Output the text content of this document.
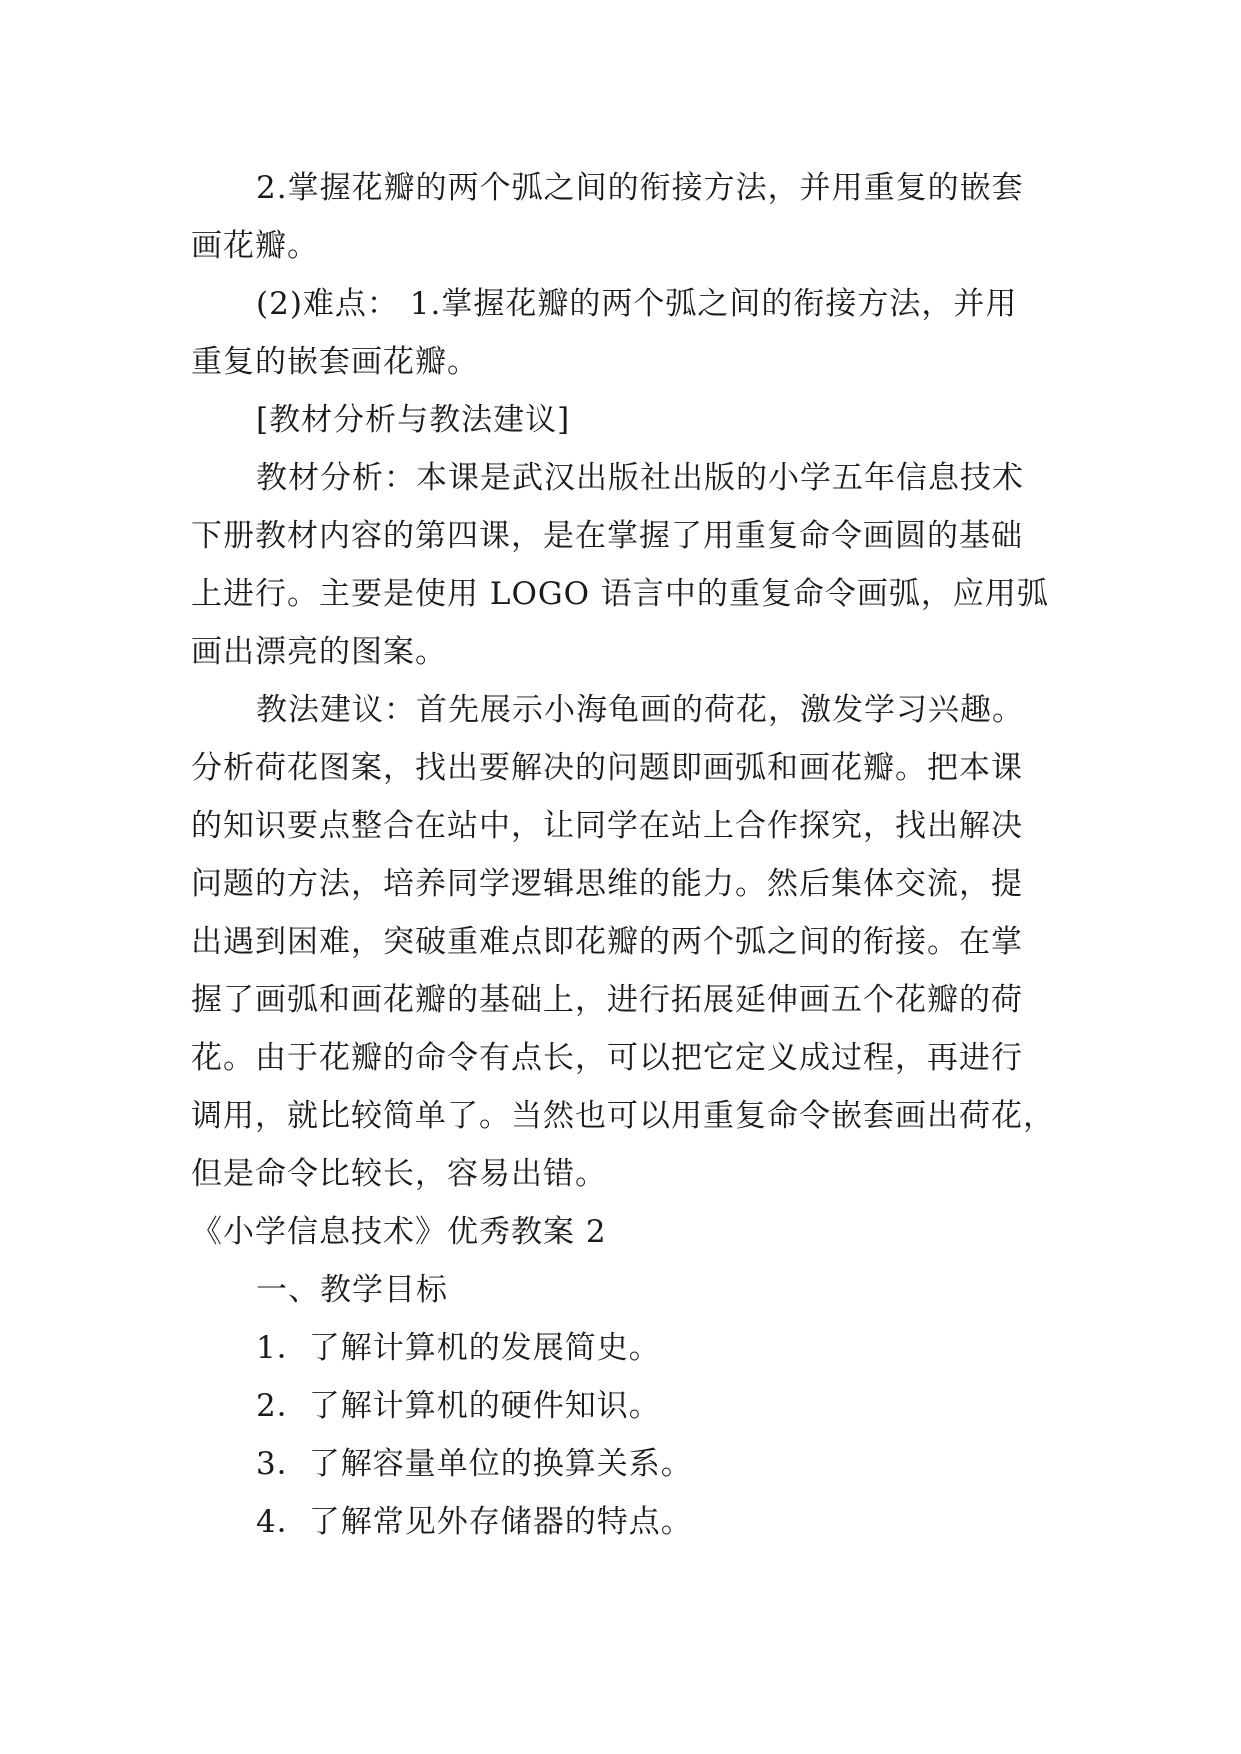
2.掌握花瓣的两个弧之间的衔接方法，并用重复的嵌套
画花瓣。
(2)难点： 1.掌握花瓣的两个弧之间的衔接方法，并用
重复的嵌套画花瓣。
[教材分析与教法建议]
教材分析：本课是武汉出版社出版的小学五年信息技术
下册教材内容的第四课，是在掌握了用重复命令画圆的基础
上进行。主要是使用 LOGO 语言中的重复命令画弧，应用弧
画出漂亮的图案。
教法建议：首先展示小海龟画的荷花，激发学习兴趣。
分析荷花图案，找出要解决的问题即画弧和画花瓣。把本课
的知识要点整合在站中，让同学在站上合作探究，找出解决
问题的方法，培养同学逻辑思维的能力。然后集体交流，提
出遇到困难，突破重难点即花瓣的两个弧之间的衔接。在掌
握了画弧和画花瓣的基础上，进行拓展延伸画五个花瓣的荷
花。由于花瓣的命令有点长，可以把它定义成过程，再进行
调用，就比较简单了。当然也可以用重复命令嵌套画出荷花，
但是命令比较长，容易出错。
《小学信息技术》优秀教案 2
一、教学目标
1．了解计算机的发展简史。
2．了解计算机的硬件知识。
3．了解容量单位的换算关系。
4．了解常见外存储器的特点。
